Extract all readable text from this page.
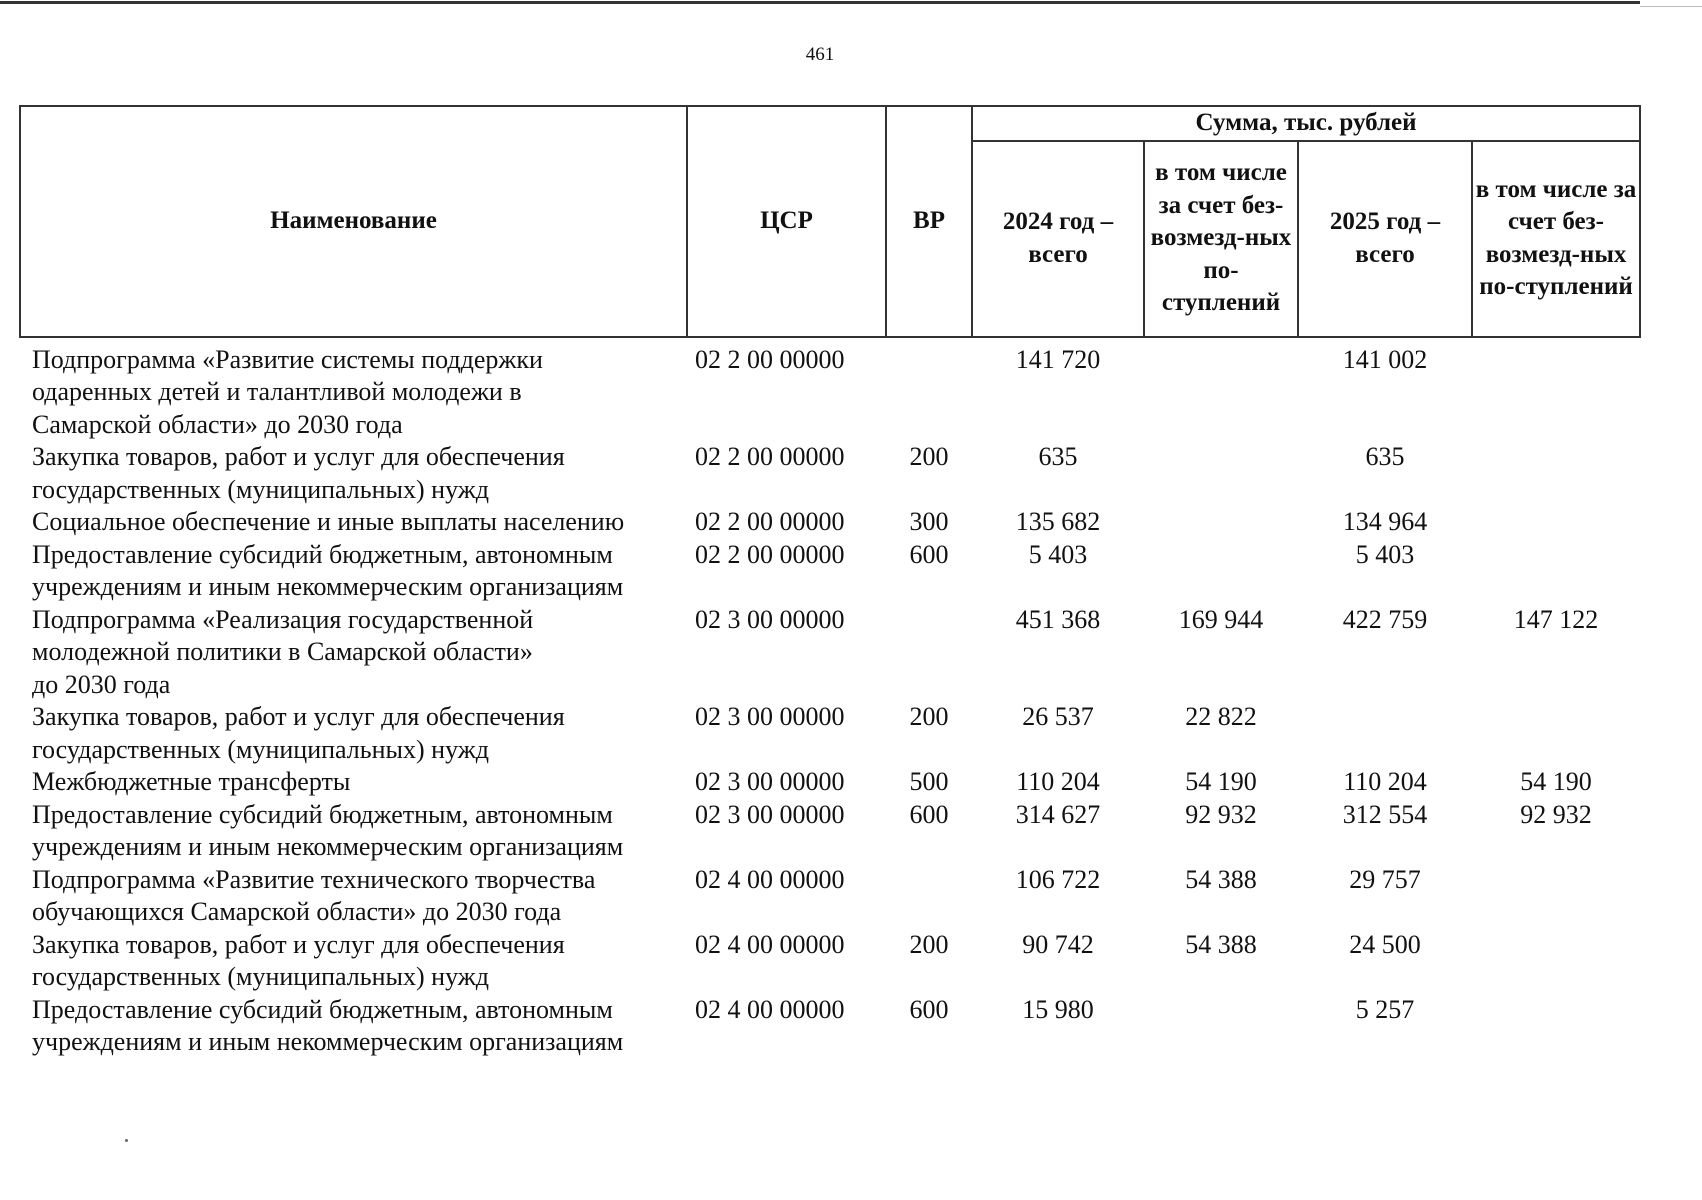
461
Наименование	ЦСР	ВР	Сумма, тыс. рублей			
			2024 год – всего	в том числе за счет без-возмезд-ных по-ступлений	2025 год – всего	в том числе за счет без-возмезд-ных по-ступлений

Подпрограмма «Развитие системы поддержки
одаренных детей и талантливой молодежи в
Самарской области» до 2030 года	02 2 00 00000		141 720		141 002	

Закупка товаров, работ и услуг для обеспечения
государственных (муниципальных) нужд	02 2 00 00000	200	635		635	

Социальное обеспечение и иные выплаты населению	02 2 00 00000	300	135 682		134 964	

Предоставление субсидий бюджетным, автономным
учреждениям и иным некоммерческим организациям	02 2 00 00000	600	5 403		5 403	

Подпрограмма «Реализация государственной
молодежной политики в Самарской области»
до 2030 года	02 3 00 00000		451 368	169 944	422 759	147 122

Закупка товаров, работ и услуг для обеспечения
государственных (муниципальных) нужд	02 3 00 00000	200	26 537	22 822		

Межбюджетные трансферты	02 3 00 00000	500	110 204	54 190	110 204	54 190

Предоставление субсидий бюджетным, автономным
учреждениям и иным некоммерческим организациям	02 3 00 00000	600	314 627	92 932	312 554	92 932

Подпрограмма «Развитие технического творчества
обучающихся Самарской области» до 2030 года	02 4 00 00000		106 722	54 388	29 757	

Закупка товаров, работ и услуг для обеспечения
государственных (муниципальных) нужд	02 4 00 00000	200	90 742	54 388	24 500	

Предоставление субсидий бюджетным, автономным
учреждениям и иным некоммерческим организациям	02 4 00 00000	600	15 980		5 257	
